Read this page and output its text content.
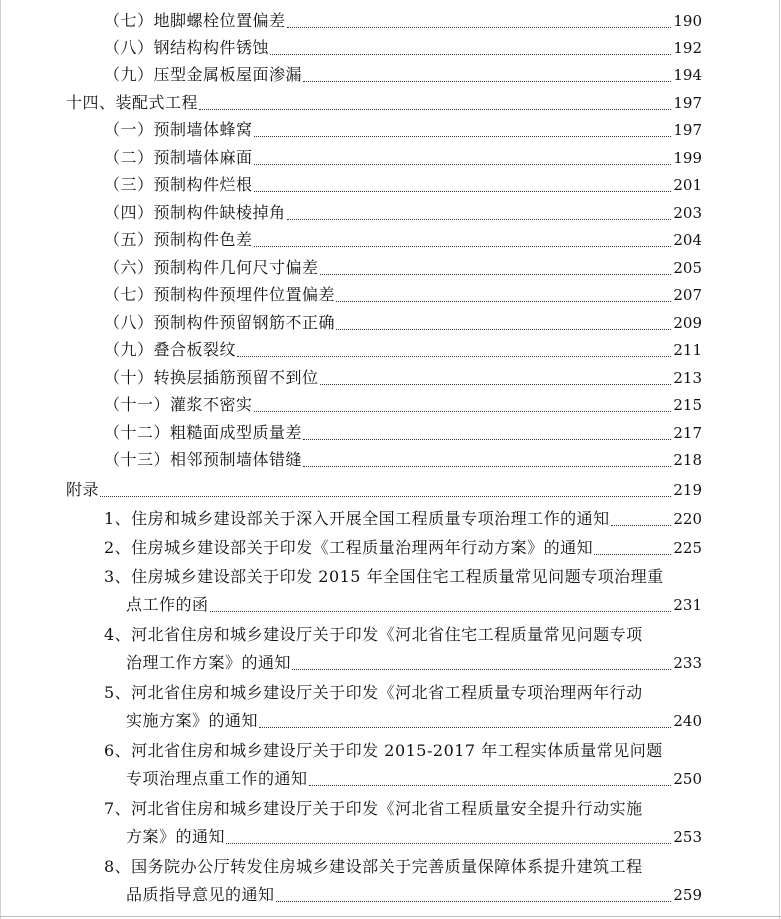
（七）地脚螺栓位置偏差	190
（八）钢结构构件锈蚀	192
（九）压型金属板屋面渗漏	194
十四、装配式工程	197
（一）预制墙体蜂窝	197
（二）预制墙体麻面	199
（三）预制构件烂根	201
（四）预制构件缺棱掉角	203
（五）预制构件色差	204
（六）预制构件几何尺寸偏差	205
（七）预制构件预埋件位置偏差	207
（八）预制构件预留钢筋不正确	209
（九）叠合板裂纹	211
（十）转换层插筋预留不到位	213
（十一）灌浆不密实	215
（十二）粗糙面成型质量差	217
（十三）相邻预制墙体错缝	218
附录	219
1、住房和城乡建设部关于深入开展全国工程质量专项治理工作的通知	220
2、住房城乡建设部关于印发《工程质量治理两年行动方案》的通知	225
3、住房城乡建设部关于印发 2015 年全国住宅工程质量常见问题专项治理重
点工作的函	231
4、河北省住房和城乡建设厅关于印发《河北省住宅工程质量常见问题专项
治理工作方案》的通知	233
5、河北省住房和城乡建设厅关于印发《河北省工程质量专项治理两年行动
实施方案》的通知	240
6、河北省住房和城乡建设厅关于印发 2015-2017 年工程实体质量常见问题
专项治理点重工作的通知	250
7、河北省住房和城乡建设厅关于印发《河北省工程质量安全提升行动实施
方案》的通知	253
8、国务院办公厅转发住房城乡建设部关于完善质量保障体系提升建筑工程
品质指导意见的通知	259
